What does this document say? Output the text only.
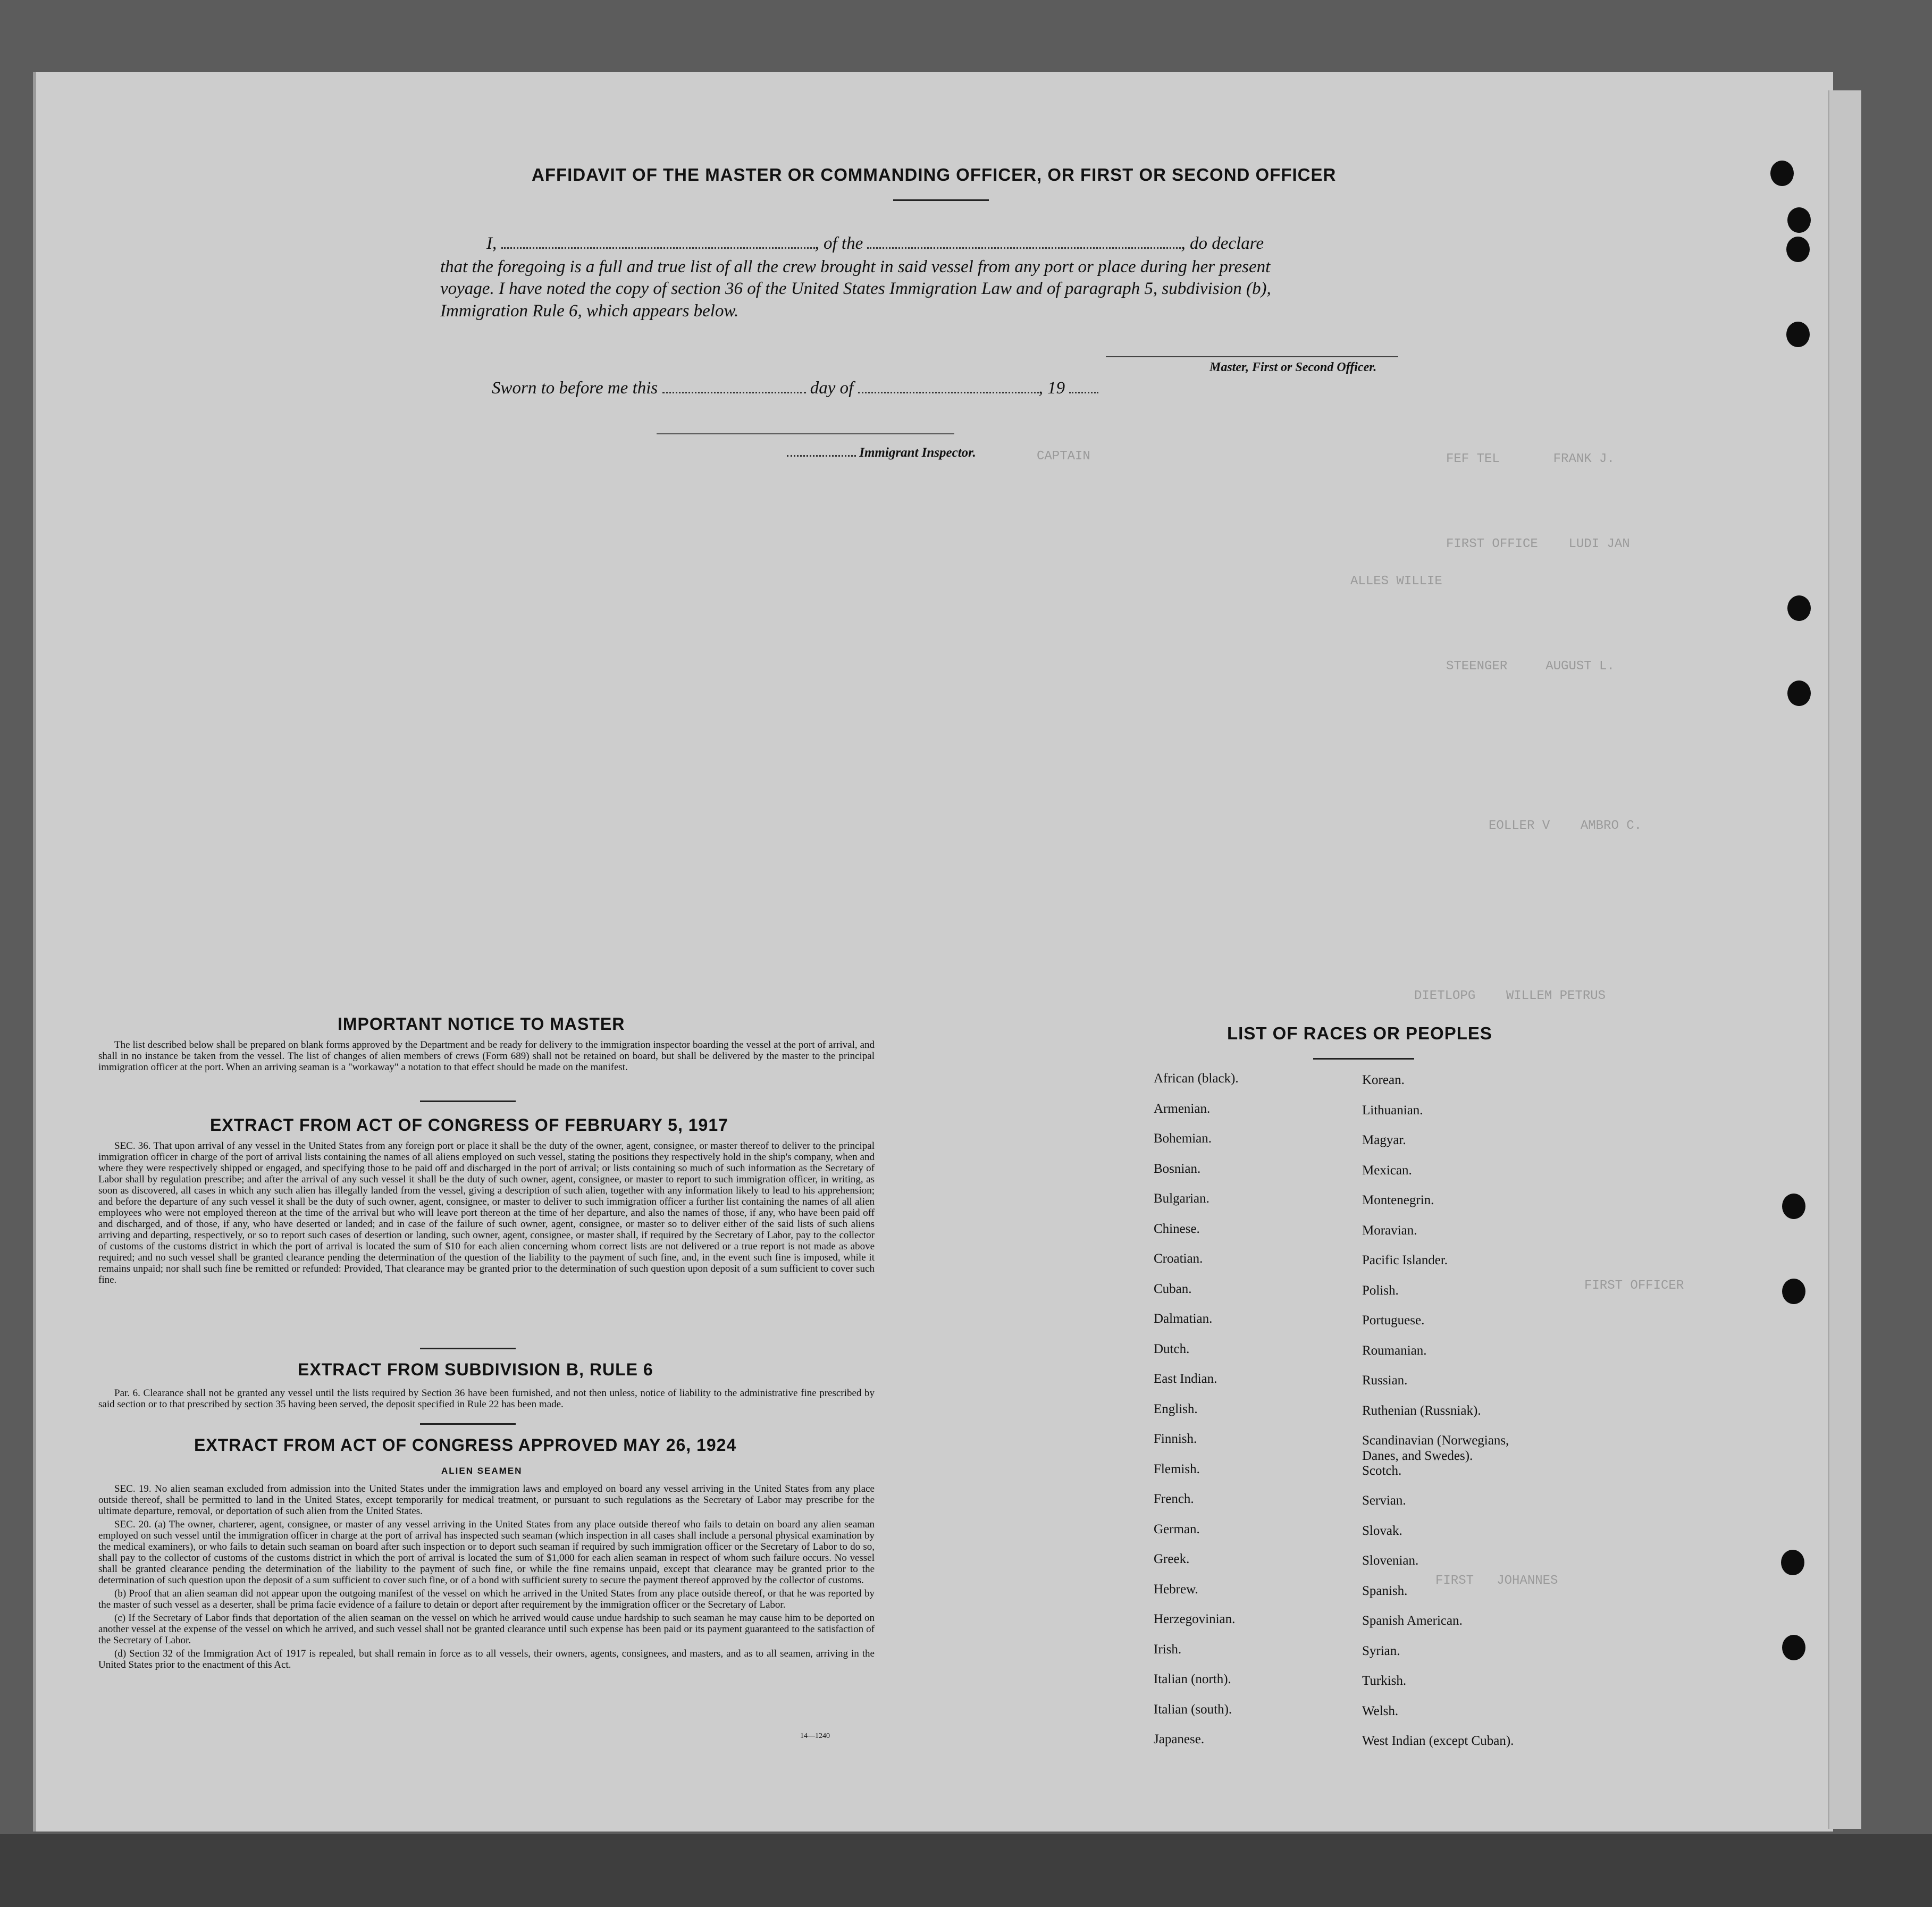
FEF TEL       FRANK J.
FIRST OFFICE    LUDI JAN
ALLES WILLIE
STEENGER     AUGUST L.
EOLLER V    AMBRO C.
DIETLOPG    WILLEM PETRUS
FIRST OFFICER
FIRST   JOHANNES
CAPTAIN
AFFIDAVIT OF THE MASTER OR COMMANDING OFFICER, OR FIRST OR SECOND OFFICER
I,	, of the	, do declare
that the foregoing is a full and true list of all the crew brought in said vessel from any port or place during her present
voyage. I have noted the copy of section 36 of the United States Immigration Law and of paragraph 5, subdivision (b),
Immigration Rule 6, which appears below.
Master, First or Second Officer.
Sworn to before me this	day of	, 19
Immigrant Inspector.
IMPORTANT NOTICE TO MASTER

The list described below shall be prepared on blank forms approved by the Department and be ready for delivery to the immigration inspector boarding the vessel at the port of arrival, and shall in no instance be taken from the vessel. The list of changes of alien members of crews (Form 689) shall not be retained on board, but shall be delivered by the master to the principal immigration officer at the port. When an arriving seaman is a "workaway" a notation to that effect should be made on the manifest.

EXTRACT FROM ACT OF CONGRESS OF FEBRUARY 5, 1917

SEC. 36. That upon arrival of any vessel in the United States from any foreign port or place it shall be the duty of the owner, agent, consignee, or master thereof to deliver to the principal immigration officer in charge of the port of arrival lists containing the names of all aliens employed on such vessel, stating the positions they respectively hold in the ship's company, when and where they were respectively shipped or engaged, and specifying those to be paid off and discharged in the port of arrival; or lists containing so much of such information as the Secretary of Labor shall by regulation prescribe; and after the arrival of any such vessel it shall be the duty of such owner, agent, consignee, or master to report to such immigration officer, in writing, as soon as discovered, all cases in which any such alien has illegally landed from the vessel, giving a description of such alien, together with any information likely to lead to his apprehension; and before the departure of any such vessel it shall be the duty of such owner, agent, consignee, or master to deliver to such immigration officer a further list containing the names of all alien employees who were not employed thereon at the time of the arrival but who will leave port thereon at the time of her departure, and also the names of those, if any, who have been paid off and discharged, and of those, if any, who have deserted or landed; and in case of the failure of such owner, agent, consignee, or master so to deliver either of the said lists of such aliens arriving and departing, respectively, or so to report such cases of desertion or landing, such owner, agent, consignee, or master shall, if required by the Secretary of Labor, pay to the collector of customs of the customs district in which the port of arrival is located the sum of $10 for each alien concerning whom correct lists are not delivered or a true report is not made as above required; and no such vessel shall be granted clearance pending the determination of the question of the liability to the payment of such fine, and, in the event such fine is imposed, while it remains unpaid; nor shall such fine be remitted or refunded: Provided, That clearance may be granted prior to the determination of such question upon deposit of a sum sufficient to cover such fine.

EXTRACT FROM SUBDIVISION B, RULE 6

Par. 6. Clearance shall not be granted any vessel until the lists required by Section 36 have been furnished, and not then unless, notice of liability to the administrative fine prescribed by said section or to that prescribed by section 35 having been served, the deposit specified in Rule 22 has been made.

EXTRACT FROM ACT OF CONGRESS APPROVED MAY 26, 1924
ALIEN SEAMEN

SEC. 19. No alien seaman excluded from admission into the United States under the immigration laws and employed on board any vessel arriving in the United States from any place outside thereof, shall be permitted to land in the United States, except temporarily for medical treatment, or pursuant to such regulations as the Secretary of Labor may prescribe for the ultimate departure, removal, or deportation of such alien from the United States.

SEC. 20. (a) The owner, charterer, agent, consignee, or master of any vessel arriving in the United States from any place outside thereof who fails to detain on board any alien seaman employed on such vessel until the immigration officer in charge at the port of arrival has inspected such seaman (which inspection in all cases shall include a personal physical examination by the medical examiners), or who fails to detain such seaman on board after such inspection or to deport such seaman if required by such immigration officer or the Secretary of Labor to do so, shall pay to the collector of customs of the customs district in which the port of arrival is located the sum of $1,000 for each alien seaman in respect of whom such failure occurs. No vessel shall be granted clearance pending the determination of the liability to the payment of such fine, or while the fine remains unpaid, except that clearance may be granted prior to the determination of such question upon the deposit of a sum sufficient to cover such fine, or of a bond with sufficient surety to secure the payment thereof approved by the collector of customs.

(b) Proof that an alien seaman did not appear upon the outgoing manifest of the vessel on which he arrived in the United States from any place outside thereof, or that he was reported by the master of such vessel as a deserter, shall be prima facie evidence of a failure to detain or deport after requirement by the immigration officer or the Secretary of Labor.

(c) If the Secretary of Labor finds that deportation of the alien seaman on the vessel on which he arrived would cause undue hardship to such seaman he may cause him to be deported on another vessel at the expense of the vessel on which he arrived, and such vessel shall not be granted clearance until such expense has been paid or its payment guaranteed to the satisfaction of the Secretary of Labor.

(d) Section 32 of the Immigration Act of 1917 is repealed, but shall remain in force as to all vessels, their owners, agents, consignees, and masters, and as to all seamen, arriving in the United States prior to the enactment of this Act.

14—1240
LIST OF RACES OR PEOPLES
African (black).
Armenian.
Bohemian.
Bosnian.
Bulgarian.
Chinese.
Croatian.
Cuban.
Dalmatian.
Dutch.
East Indian.
English.
Finnish.
Flemish.
French.
German.
Greek.
Hebrew.
Herzegovinian.
Irish.
Italian (north).
Italian (south).
Japanese.
Korean.
Lithuanian.
Magyar.
Mexican.
Montenegrin.
Moravian.
Pacific Islander.
Polish.
Portuguese.
Roumanian.
Russian.
Ruthenian (Russniak).
Scandinavian (Norwegians,
Danes, and Swedes).
Scotch.
Servian.
Slovak.
Slovenian.
Spanish.
Spanish American.
Syrian.
Turkish.
Welsh.
West Indian (except Cuban).
